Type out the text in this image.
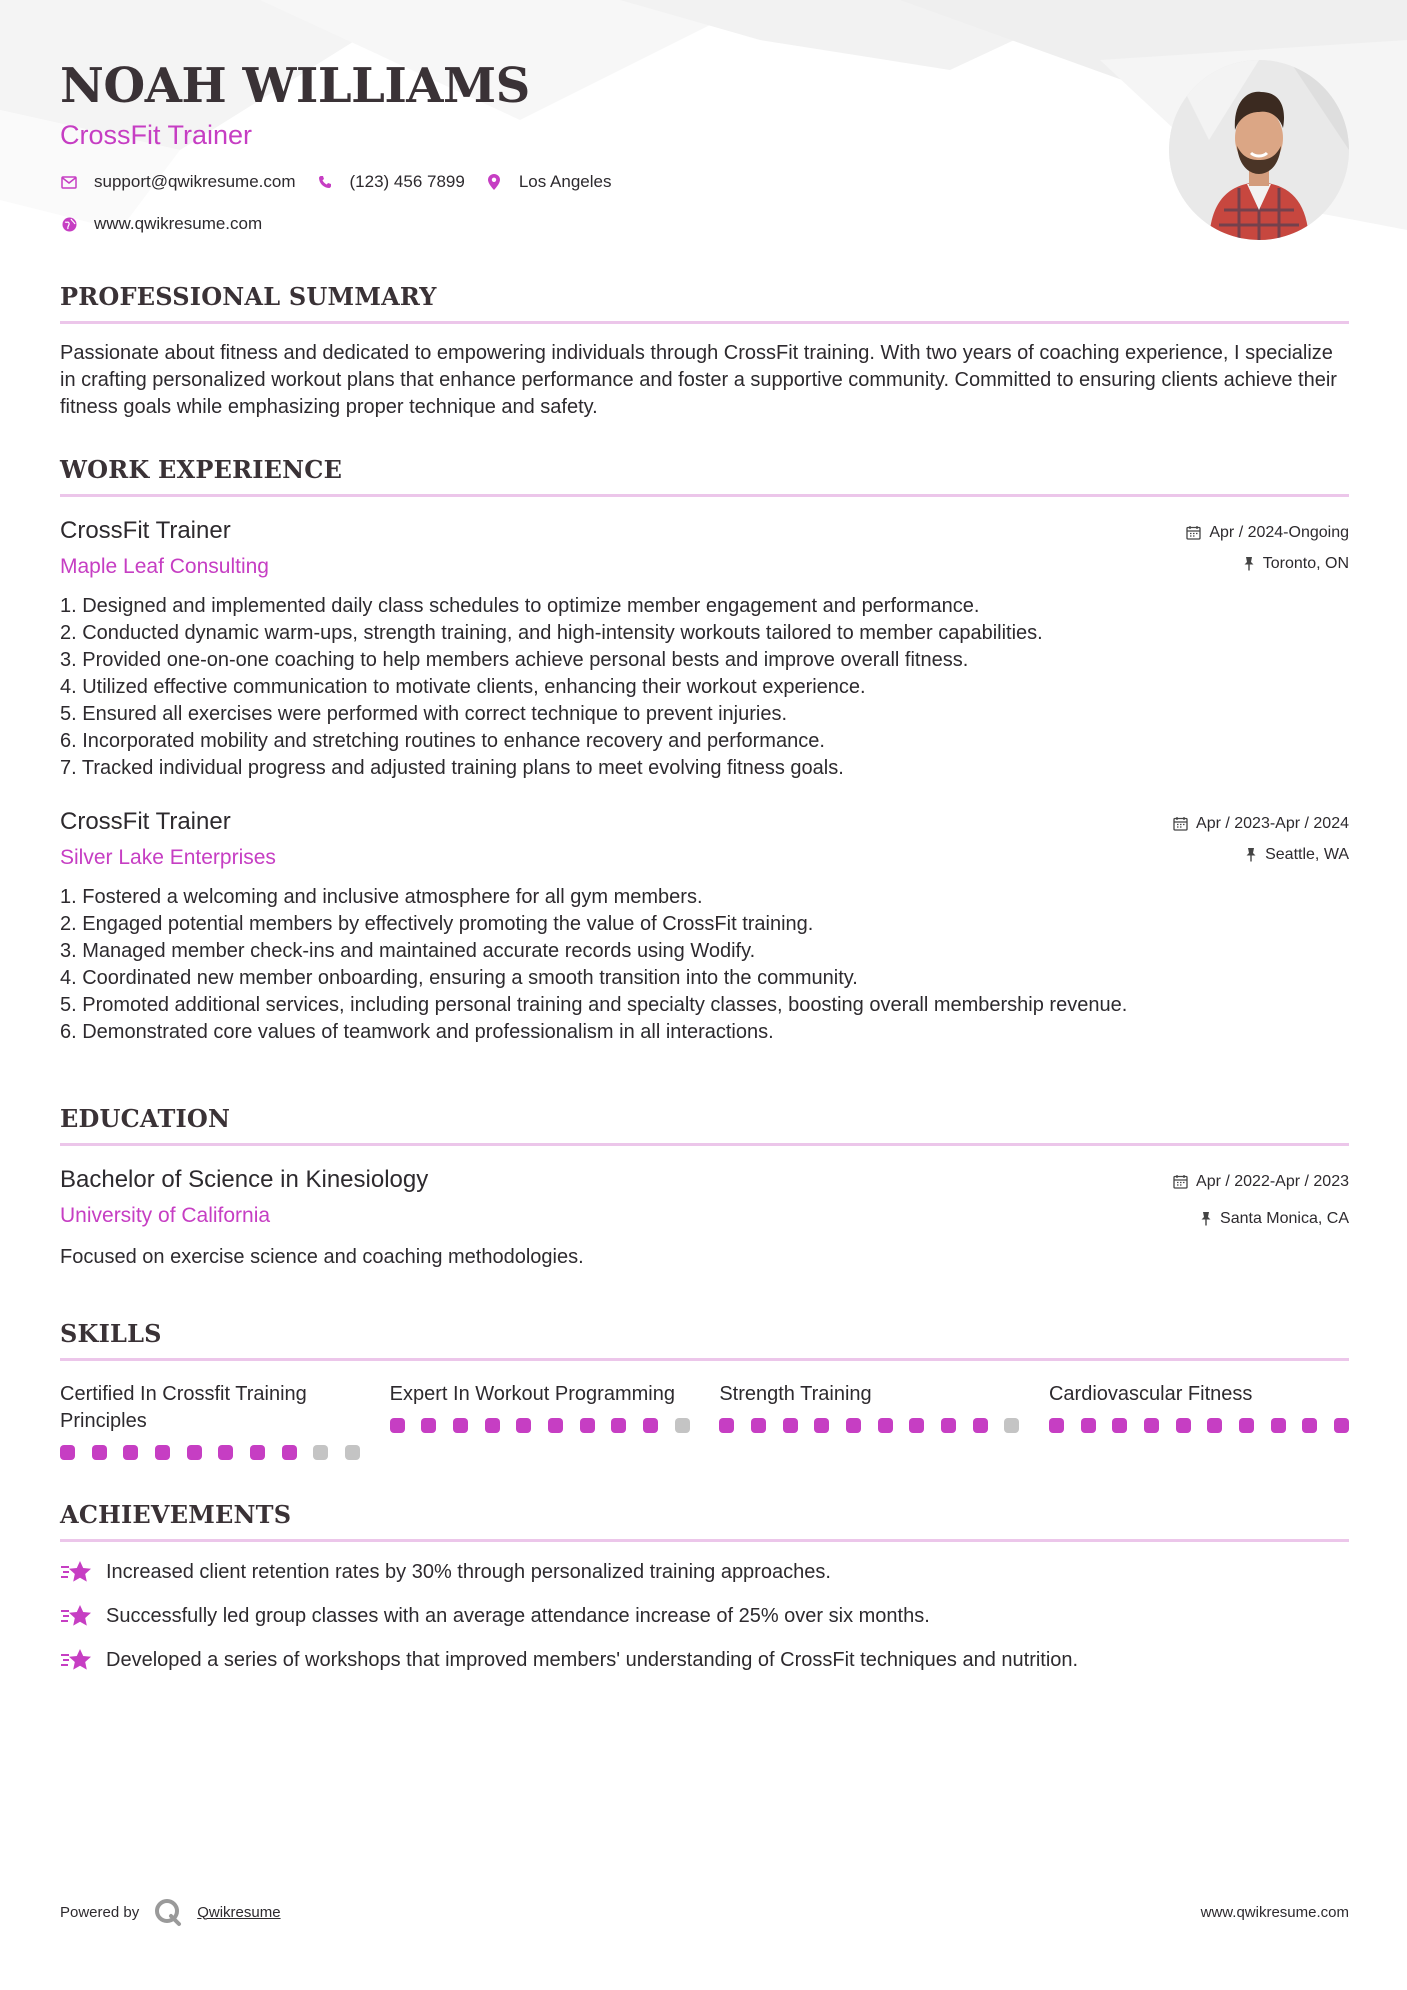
NOAH WILLIAMS
CrossFit Trainer
support@qwikresume.com	(123) 456 7899	Los Angeles
www.qwikresume.com
PROFESSIONAL SUMMARY

Passionate about fitness and dedicated to empowering individuals through CrossFit training. With two years of coaching experience, I specialize in crafting personalized workout plans that enhance performance and foster a supportive community. Committed to ensuring clients achieve their fitness goals while emphasizing proper technique and safety.

WORK EXPERIENCE
CrossFit Trainer
Maple Leaf Consulting
Apr / 2024-Ongoing
Toronto, ON
1. Designed and implemented daily class schedules to optimize member engagement and performance.
2. Conducted dynamic warm-ups, strength training, and high-intensity workouts tailored to member capabilities.
3. Provided one-on-one coaching to help members achieve personal bests and improve overall fitness.
4. Utilized effective communication to motivate clients, enhancing their workout experience.
5. Ensured all exercises were performed with correct technique to prevent injuries.
6. Incorporated mobility and stretching routines to enhance recovery and performance.
7. Tracked individual progress and adjusted training plans to meet evolving fitness goals.
CrossFit Trainer
Silver Lake Enterprises
Apr / 2023-Apr / 2024
Seattle, WA
1. Fostered a welcoming and inclusive atmosphere for all gym members.
2. Engaged potential members by effectively promoting the value of CrossFit training.
3. Managed member check-ins and maintained accurate records using Wodify.
4. Coordinated new member onboarding, ensuring a smooth transition into the community.
5. Promoted additional services, including personal training and specialty classes, boosting overall membership revenue.
6. Demonstrated core values of teamwork and professionalism in all interactions.
EDUCATION
Bachelor of Science in Kinesiology
University of California
Apr / 2022-Apr / 2023
Santa Monica, CA

Focused on exercise science and coaching methodologies.

SKILLS
Certified In Crossfit Training Principles
Expert In Workout Programming	Strength Training	Cardiovascular Fitness
ACHIEVEMENTS
Increased client retention rates by 30% through personalized training approaches.
Successfully led group classes with an average attendance increase of 25% over six months.
Developed a series of workshops that improved members' understanding of CrossFit techniques and nutrition.
Powered by	Qwikresume	www.qwikresume.com
